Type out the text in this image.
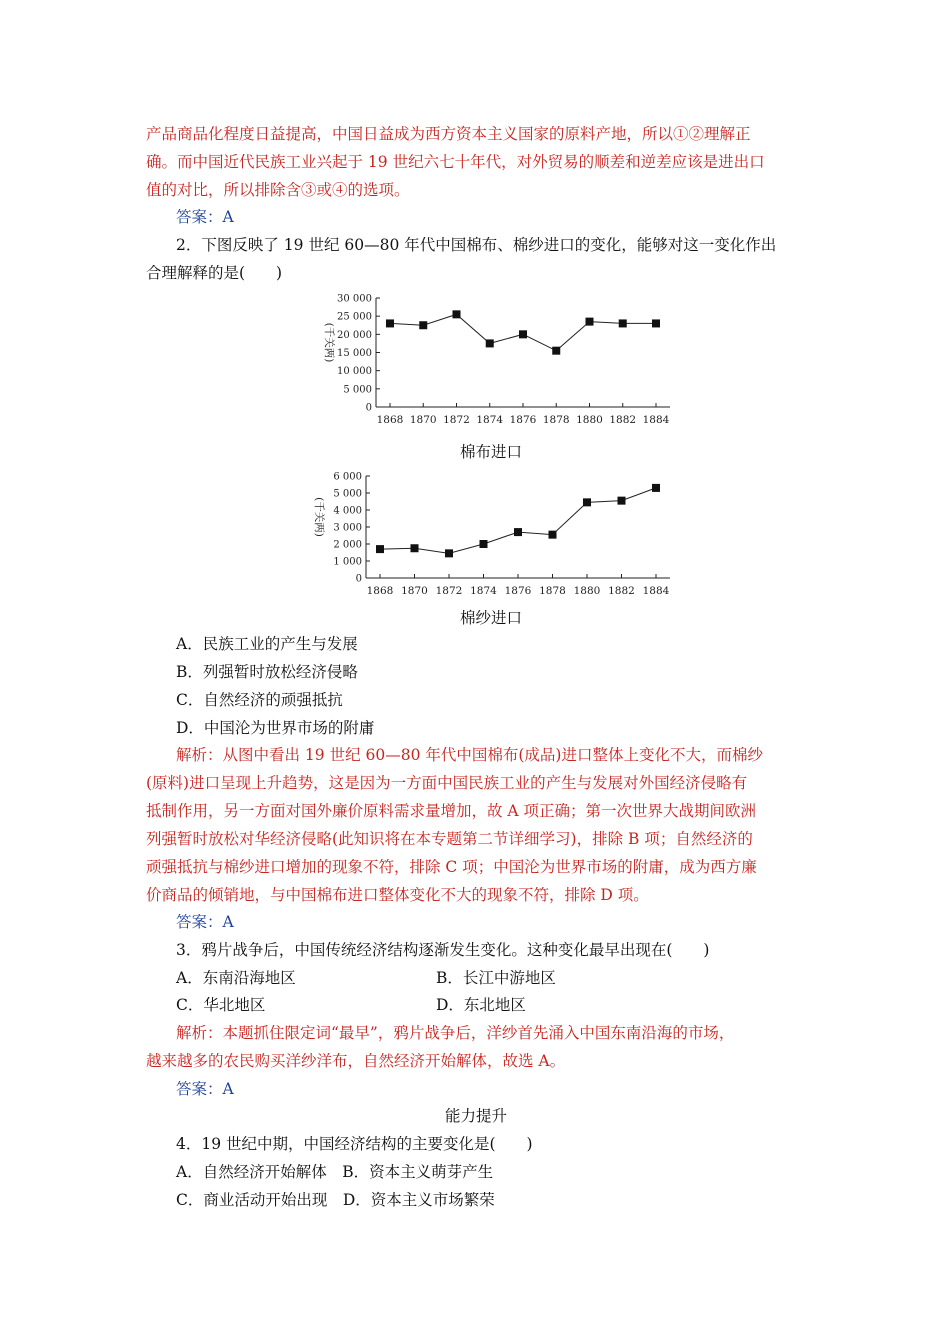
产品商品化程度日益提高，中国日益成为西方资本主义国家的原料产地，所以①②理解正
确。而中国近代民族工业兴起于 19 世纪六七十年代，对外贸易的顺差和逆差应该是进出口
值的对比，所以排除含③或④的选项。
答案：A
2．下图反映了 19 世纪 60—80 年代中国棉布、棉纱进口的变化，能够对这一变化作出
合理解释的是(　　)
0
5 000
10 000
15 000
20 000
25 000
30 000
1868 1870 1872 1874 1876 1878 1880 1882 1884
(千关两)
棉布进口
0
1 000
2 000
3 000
4 000
5 000
6 000
1868 1870 1872 1874 1876 1878 1880 1882 1884
(千关两)
棉纱进口
A．民族工业的产生与发展
B．列强暂时放松经济侵略
C．自然经济的顽强抵抗
D．中国沦为世界市场的附庸
解析：从图中看出 19 世纪 60—80 年代中国棉布(成品)进口整体上变化不大，而棉纱
(原料)进口呈现上升趋势，这是因为一方面中国民族工业的产生与发展对外国经济侵略有
抵制作用，另一方面对国外廉价原料需求量增加，故 A 项正确；第一次世界大战期间欧洲
列强暂时放松对华经济侵略(此知识将在本专题第二节详细学习)，排除 B 项；自然经济的
顽强抵抗与棉纱进口增加的现象不符，排除 C 项；中国沦为世界市场的附庸，成为西方廉
价商品的倾销地，与中国棉布进口整体变化不大的现象不符，排除 D 项。
答案：A
3．鸦片战争后，中国传统经济结构逐渐发生变化。这种变化最早出现在(　　)
A．东南沿海地区	B．长江中游地区
C．华北地区	D．东北地区
解析：本题抓住限定词“最早”，鸦片战争后，洋纱首先涌入中国东南沿海的市场，
越来越多的农民购买洋纱洋布，自然经济开始解体，故选 A。
答案：A
能力提升
4．19 世纪中期，中国经济结构的主要变化是(　　)
A．自然经济开始解体　B．资本主义萌芽产生
C．商业活动开始出现　D．资本主义市场繁荣
